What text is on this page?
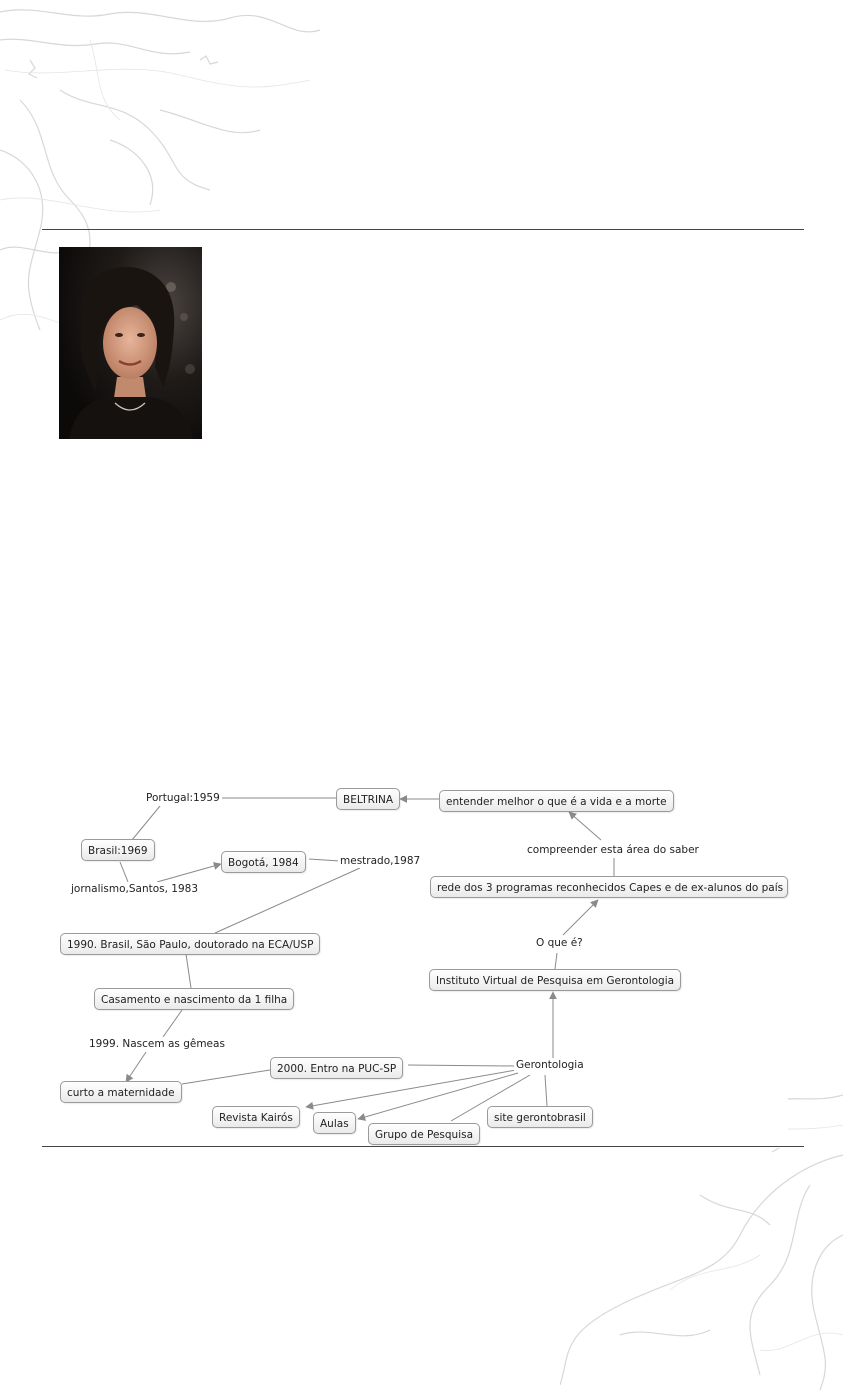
Portugal:1959
jornalismo,Santos, 1983
mestrado,1987
compreender esta área do saber
O que é?
1999. Nascem as gêmeas
Gerontologia
BELTRINA	entender melhor o que é a vida e a morte
Brasil:1969
Bogotá, 1984
rede dos 3 programas reconhecidos Capes e de ex-alunos do país
1990. Brasil, São Paulo, doutorado na ECA/USP
Instituto Virtual de Pesquisa em Gerontologia
Casamento e nascimento da 1 filha
2000. Entro na PUC-SP
curto a maternidade
Revista Kairós	Aulas
Grupo de Pesquisa
site gerontobrasil
